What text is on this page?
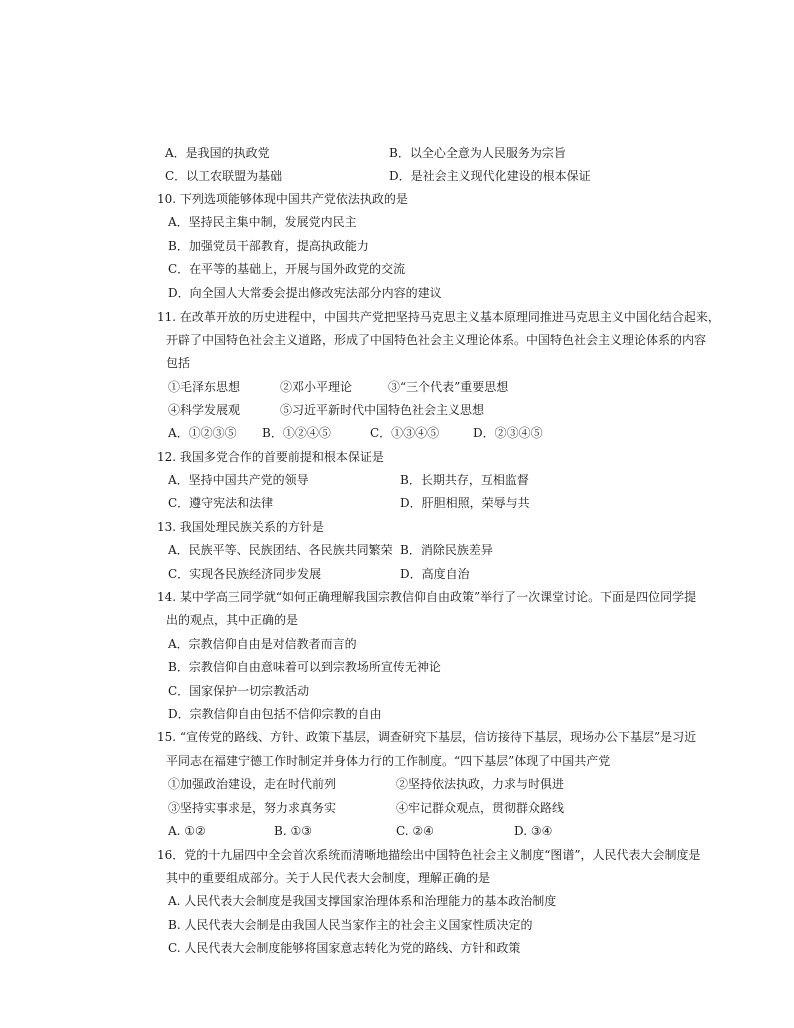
A．是我国的执政党	B．以全心全意为人民服务为宗旨
C．以工农联盟为基础	D．是社会主义现代化建设的根本保证
10. 下列选项能够体现中国共产党依法执政的是
A．坚持民主集中制，发展党内民主
B．加强党员干部教育，提高执政能力
C．在平等的基础上，开展与国外政党的交流
D．向全国人大常委会提出修改宪法部分内容的建议
11. 在改革开放的历史进程中，中国共产党把坚持马克思主义基本原理同推进马克思主义中国化结合起来，
开辟了中国特色社会主义道路，形成了中国特色社会主义理论体系。中国特色社会主义理论体系的内容
包括
①毛泽东思想	②邓小平理论	③“三个代表”重要思想
④科学发展观	⑤习近平新时代中国特色社会主义思想
A．①②③⑤ B．①②④⑤	C．①③④⑤	D．②③④⑤
12. 我国多党合作的首要前提和根本保证是
A．坚持中国共产党的领导	B．长期共存，互相监督
C．遵守宪法和法律	D．肝胆相照，荣辱与共
13. 我国处理民族关系的方针是
A．民族平等、民族团结、各民族共同繁荣 B．消除民族差异
C．实现各民族经济同步发展	D．高度自治
14. 某中学高三同学就“如何正确理解我国宗教信仰自由政策”举行了一次课堂讨论。下面是四位同学提
出的观点，其中正确的是
A．宗教信仰自由是对信教者而言的
B．宗教信仰自由意味着可以到宗教场所宣传无神论
C．国家保护一切宗教活动
D．宗教信仰自由包括不信仰宗教的自由
15. “宣传党的路线、方针、政策下基层，调查研究下基层，信访接待下基层，现场办公下基层”是习近
平同志在福建宁德工作时制定并身体力行的工作制度。“四下基层”体现了中国共产党
①加强政治建设，走在时代前列	②坚持依法执政，力求与时俱进
③坚持实事求是，努力求真务实	④牢记群众观点，贯彻群众路线
A. ①②	B. ①③	C. ②④	D. ③④
16．党的十九届四中全会首次系统而清晰地描绘出中国特色社会主义制度“图谱”，人民代表大会制度是
其中的重要组成部分。关于人民代表大会制度，理解正确的是
A. 人民代表大会制度是我国支撑国家治理体系和治理能力的基本政治制度
B. 人民代表大会制是由我国人民当家作主的社会主义国家性质决定的
C. 人民代表大会制度能够将国家意志转化为党的路线、方针和政策
